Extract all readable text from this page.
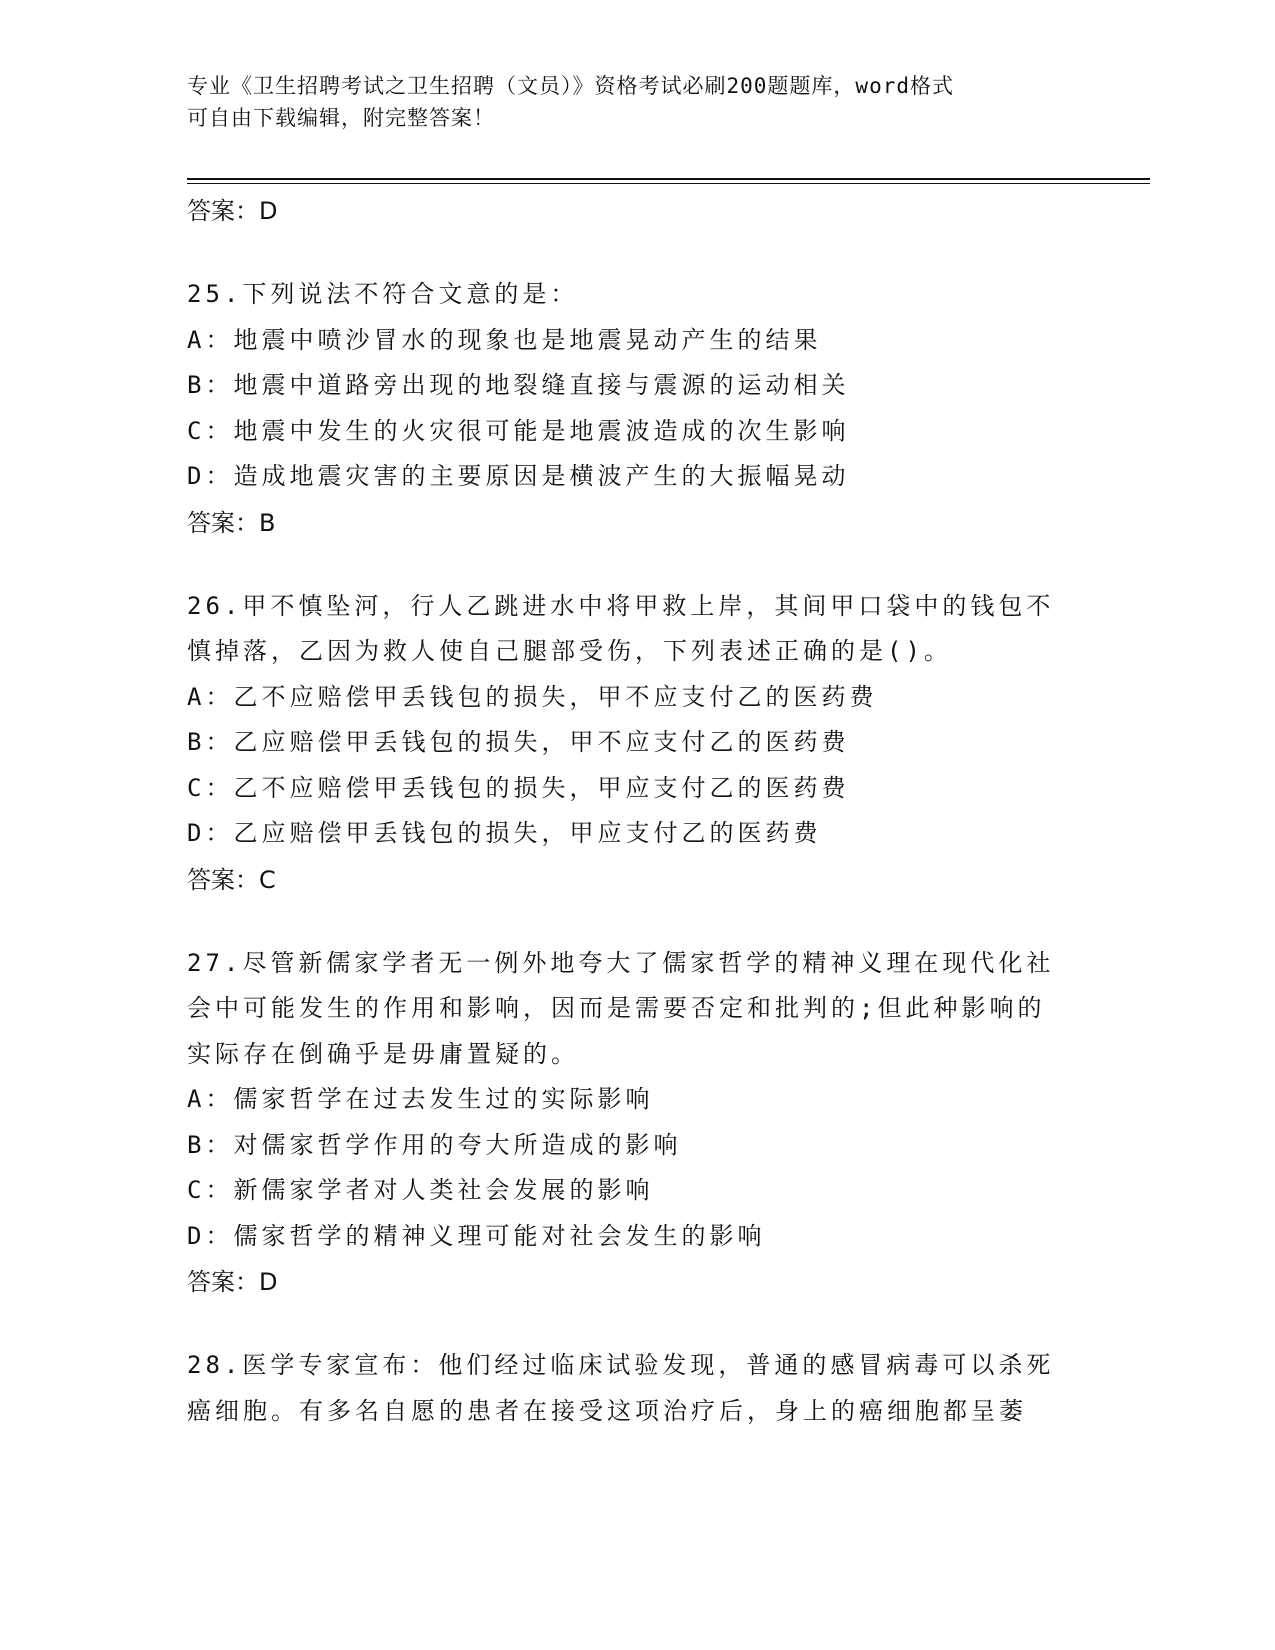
专业《卫生招聘考试之卫生招聘（文员）》资格考试必刷200题题库，word格式
可自由下载编辑，附完整答案！
答案：D
25.下列说法不符合文意的是：
A：地震中喷沙冒水的现象也是地震晃动产生的结果
B：地震中道路旁出现的地裂缝直接与震源的运动相关
C：地震中发生的火灾很可能是地震波造成的次生影响
D：造成地震灾害的主要原因是横波产生的大振幅晃动
答案：B
26.甲不慎坠河，行人乙跳进水中将甲救上岸，其间甲口袋中的钱包不
慎掉落，乙因为救人使自己腿部受伤，下列表述正确的是()。
A：乙不应赔偿甲丢钱包的损失，甲不应支付乙的医药费
B：乙应赔偿甲丢钱包的损失，甲不应支付乙的医药费
C：乙不应赔偿甲丢钱包的损失，甲应支付乙的医药费
D：乙应赔偿甲丢钱包的损失，甲应支付乙的医药费
答案：C
27.尽管新儒家学者无一例外地夸大了儒家哲学的精神义理在现代化社
会中可能发生的作用和影响，因而是需要否定和批判的;但此种影响的
实际存在倒确乎是毋庸置疑的。
A：儒家哲学在过去发生过的实际影响
B：对儒家哲学作用的夸大所造成的影响
C：新儒家学者对人类社会发展的影响
D：儒家哲学的精神义理可能对社会发生的影响
答案：D
28.医学专家宣布：他们经过临床试验发现，普通的感冒病毒可以杀死
癌细胞。有多名自愿的患者在接受这项治疗后，身上的癌细胞都呈萎
